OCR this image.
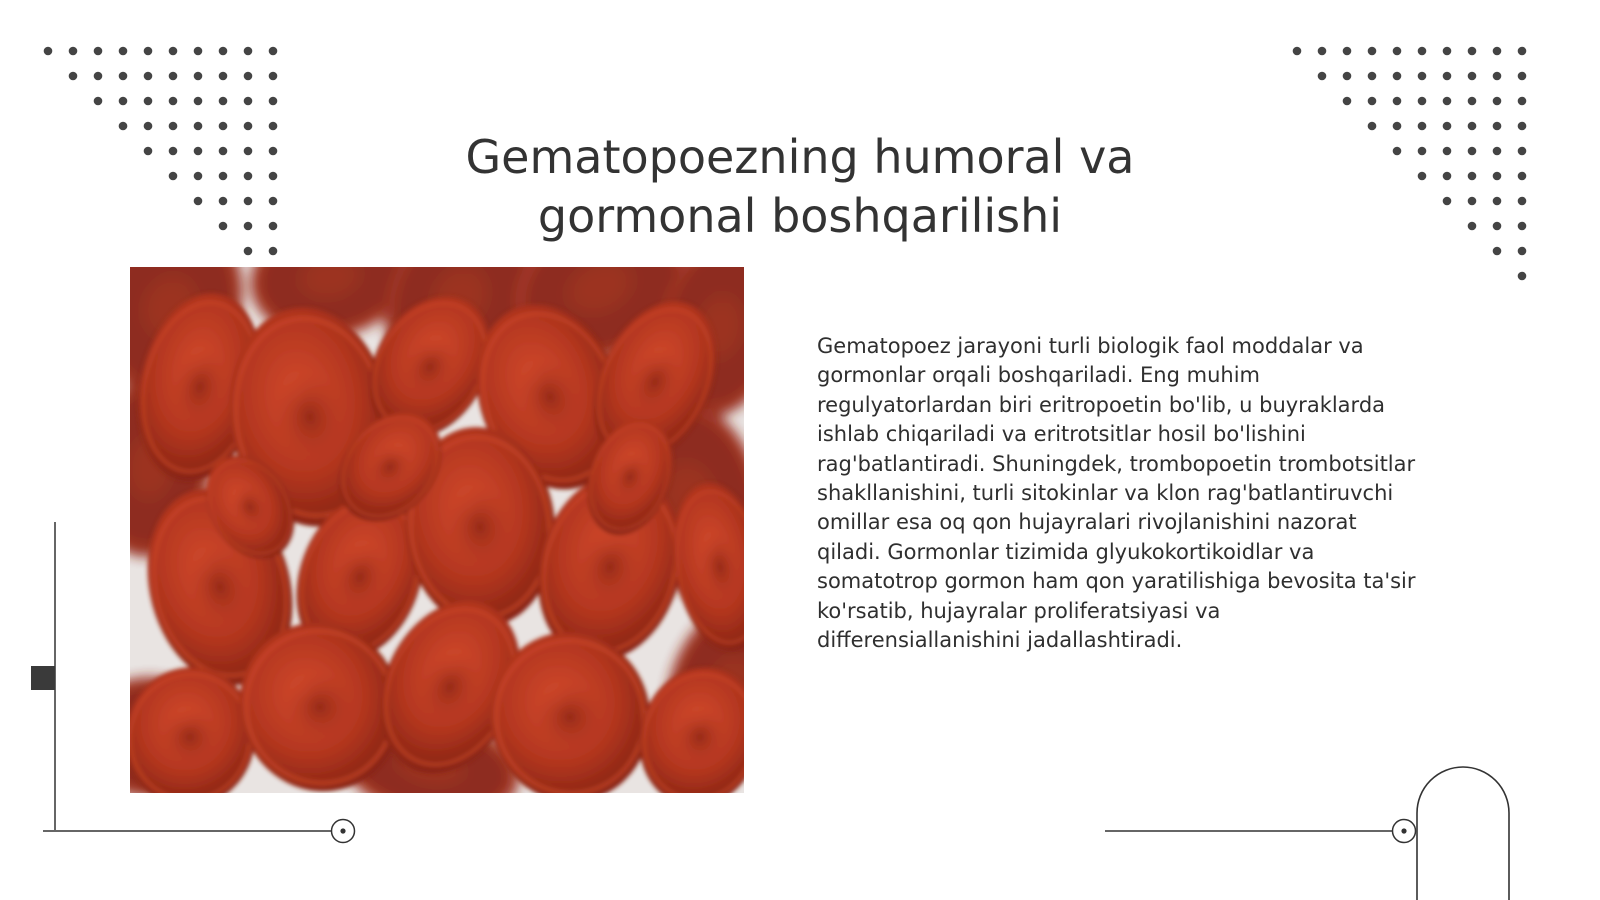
Gematopoezning humoral va
gormonal boshqarilishi

Gematopoez jarayoni turli biologik faol moddalar va gormonlar orqali boshqariladi. Eng muhim regulyatorlardan biri eritropoetin bo'lib, u buyraklarda ishlab chiqariladi va eritrotsitlar hosil bo'lishini rag'batlantiradi. Shuningdek, trombopoetin trombotsitlar shakllanishini, turli sitokinlar va klon rag'batlantiruvchi omillar esa oq qon hujayralari rivojlanishini nazorat qiladi. Gormonlar tizimida glyukokortikoidlar va somatotrop gormon ham qon yaratilishiga bevosita ta'sir ko'rsatib, hujayralar proliferatsiyasi va differensiallanishini jadallashtiradi.
